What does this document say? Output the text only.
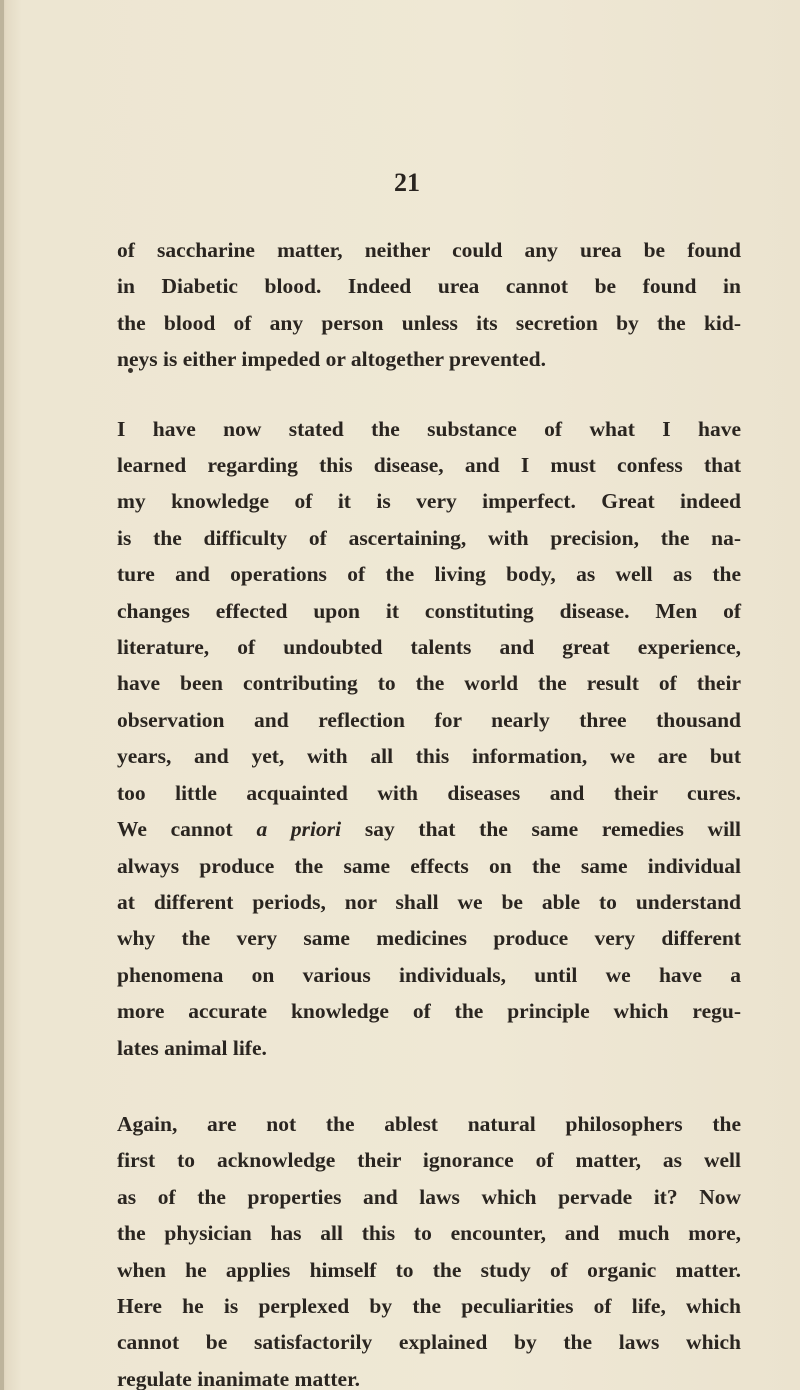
21

of saccharine matter, neither could any urea be found
in Diabetic blood. Indeed urea cannot be found in
the blood of any person unless its secretion by the kid-
neys is either impeded or altogether prevented.

I have now stated the substance of what I have
learned regarding this disease, and I must confess that
my knowledge of it is very imperfect. Great indeed
is the difficulty of ascertaining, with precision, the na-
ture and operations of the living body, as well as the
changes effected upon it constituting disease. Men of
literature, of undoubted talents and great experience,
have been contributing to the world the result of their
observation and reflection for nearly three thousand
years, and yet, with all this information, we are but
too little acquainted with diseases and their cures.
We cannot a priori say that the same remedies will
always produce the same effects on the same individual
at different periods, nor shall we be able to understand
why the very same medicines produce very different
phenomena on various individuals, until we have a
more accurate knowledge of the principle which regu-
lates animal life.

Again, are not the ablest natural philosophers the
first to acknowledge their ignorance of matter, as well
as of the properties and laws which pervade it? Now
the physician has all this to encounter, and much more,
when he applies himself to the study of organic matter.
Here he is perplexed by the peculiarities of life, which
cannot be satisfactorily explained by the laws which
regulate inanimate matter.
